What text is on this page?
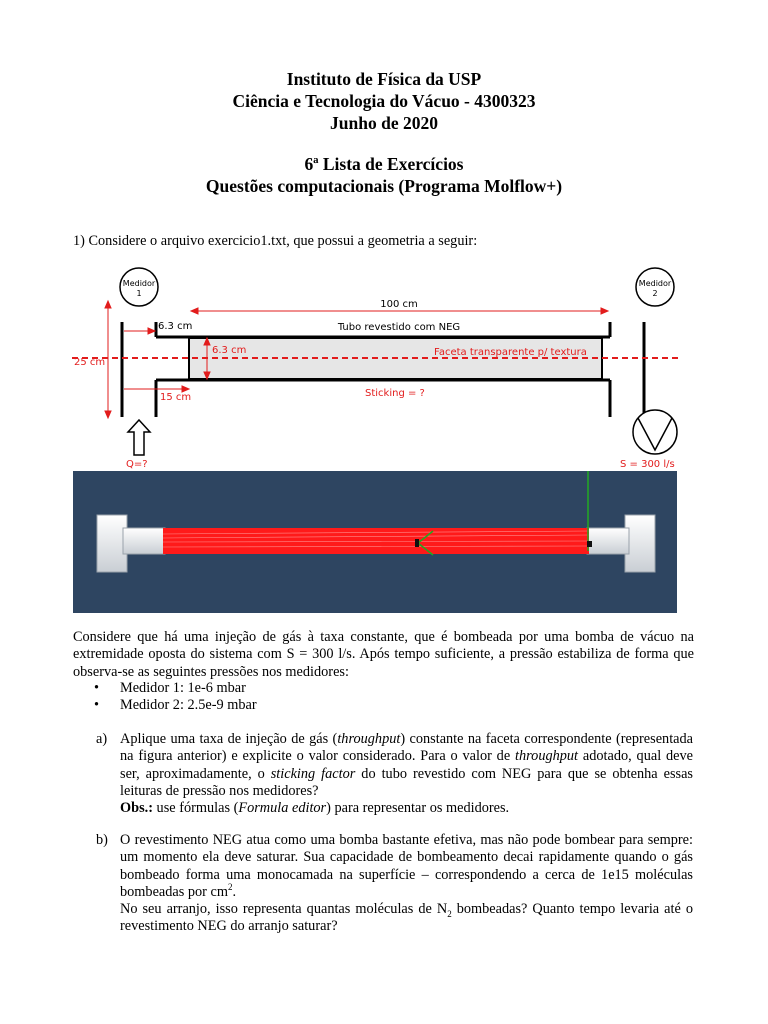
Instituto de Física da USP
Ciência e Tecnologia do Vácuo - 4300323
Junho de 2020
6ª Lista de Exercícios
Questões computacionais (Programa Molflow+)
1) Considere o arquivo exercicio1.txt, que possui a geometria a seguir:
Medidor
1
Medidor
2
100 cm
6.3 cm	Tubo revestido com NEG
6.3 cm	Faceta transparente p/ textura
25 cm
Sticking = ?
15 cm
Q=?	S = 300 l/s
Considere que há uma injeção de gás à taxa constante, que é bombeada por uma bomba de vácuo na extremidade oposta do sistema com S = 300 l/s. Após tempo suficiente, a pressão estabiliza de forma que observa-se as seguintes pressões nos medidores:
•	Medidor 1: 1e-6 mbar
•	Medidor 2: 2.5e-9 mbar
a) Aplique uma taxa de injeção de gás (throughput) constante na faceta correspondente (representada na figura anterior) e explicite o valor considerado. Para o valor de throughput adotado, qual deve ser, aproximadamente, o sticking factor do tubo revestido com NEG para que se obtenha essas leituras de pressão nos medidores?

Obs.: use fórmulas (Formula editor) para representar os medidores.

b) O revestimento NEG atua como uma bomba bastante efetiva, mas não pode bombear para sempre: um momento ela deve saturar. Sua capacidade de bombeamento decai rapidamente quando o gás bombeado forma uma monocamada na superfície – correspondendo a cerca de 1e15 moléculas bombeadas por $cm^2$.

No seu arranjo, isso representa quantas moléculas de $N_2$ bombeadas? Quanto tempo levaria até o revestimento NEG do arranjo saturar?
